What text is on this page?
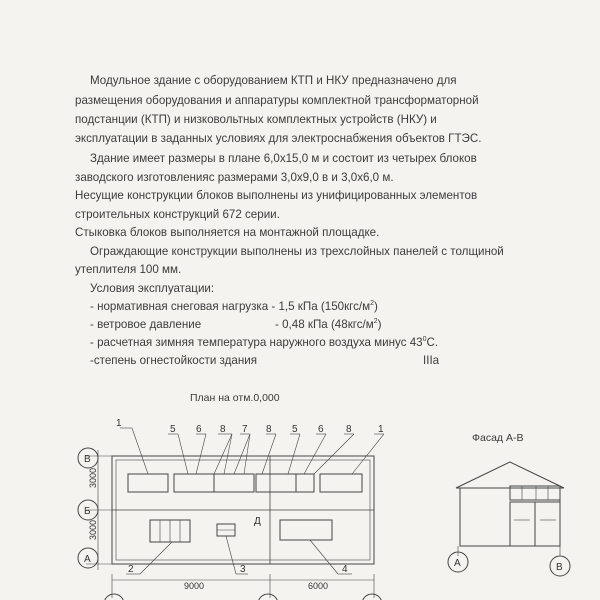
Модульное здание с оборудованием КТП и НКУ предназначено для
размещения оборудования и аппаратуры комплектной трансформаторной
подстанции (КТП) и низковольтных комплектных устройств (НКУ) и
эксплуатации в заданных условиях для электроснабжения объектов ГТЭС.
Здание имеет размеры в плане 6,0х15,0 м и состоит из четырех блоков
заводского изготовленияс размерами 3,0х9,0 в и 3,0х6,0 м.
Несущие конструкции блоков выполнены из унифицированных элементов
строительных конструкций 672 серии.
Стыковка блоков выполняется на монтажной площадке.
Ограждающие конструкции выполнены из трехслойных панелей с толщиной
утеплителя 100 мм.
Условия эксплуатации:
- нормативная снеговая нагрузка - 1,5 кПа $(150кгс/м^2)$
- ветровое давление	- 0,48 кПа $(48кгс/м^2)$
- расчетная зимняя температура наружного воздуха минус $43^0С$.
-степень огнестойкости здания	IIIa
План на отм.0,000
Фасад А-В
В
Б
А
Д
1
5 6 8 7 8 5 6 8	1
2	3	4
9000	6000
3000
3000
А	В
